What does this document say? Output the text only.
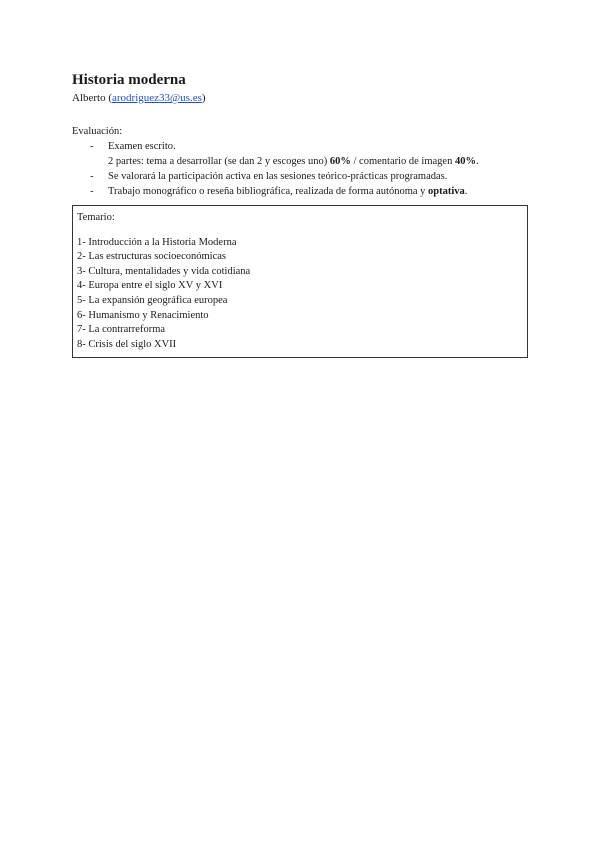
Historia moderna
Alberto (arodriguez33@us.es)
Evaluación:
- Examen escrito.
2 partes: tema a desarrollar (se dan 2 y escoges uno) 60% / comentario de imagen 40%.
- Se valorará la participación activa en las sesiones teórico-prácticas programadas.
- Trabajo monográfico o reseña bibliográfica, realizada de forma autónoma y optativa.
Temario:
1- Introducción a la Historia Moderna
2- Las estructuras socioeconómicas
3- Cultura, mentalidades y vida cotidiana
4- Europa entre el siglo XV y XVI
5- La expansión geográfica europea
6- Humanismo y Renacimiento
7- La contrarreforma
8- Crisis del siglo XVII
